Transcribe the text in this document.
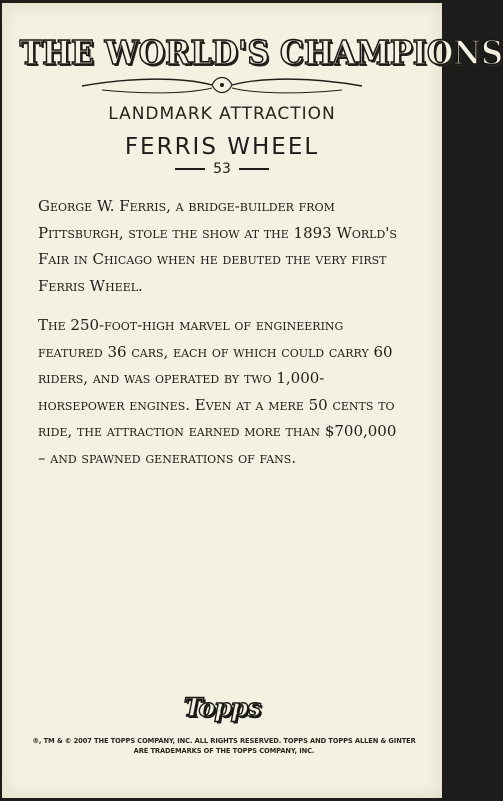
THE WORLD'S CHAMPIONS
LANDMARK ATTRACTION
FERRIS WHEEL
53

George W. Ferris, a bridge-builder from Pittsburgh, stole the show at the 1893 World's Fair in Chicago when he debuted the very first Ferris Wheel.

The 250-foot-high marvel of engineering featured 36 cars, each of which could carry 60 riders, and was operated by two 1,000-horsepower engines. Even at a mere 50 cents to ride, the attraction earned more than $700,000 – and spawned generations of fans.

Topps
®, TM & © 2007 THE TOPPS COMPANY, INC. ALL RIGHTS RESERVED. TOPPS AND TOPPS ALLEN & GINTER
ARE TRADEMARKS OF THE TOPPS COMPANY, INC.
